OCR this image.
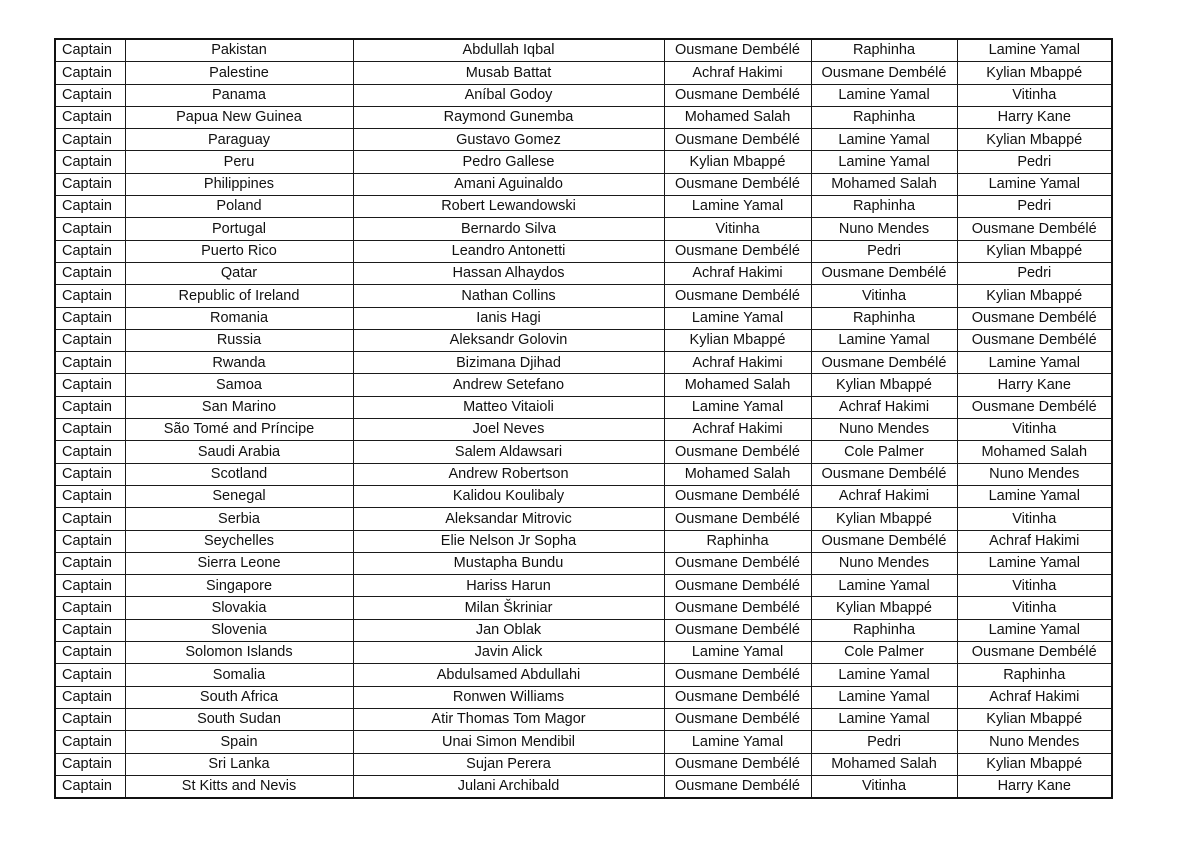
Captain	Pakistan	Abdullah Iqbal	Ousmane Dembélé	Raphinha	Lamine Yamal
Captain	Palestine	Musab Battat	Achraf Hakimi	Ousmane Dembélé	Kylian Mbappé
Captain	Panama	Aníbal Godoy	Ousmane Dembélé	Lamine Yamal	Vitinha
Captain	Papua New Guinea	Raymond Gunemba	Mohamed Salah	Raphinha	Harry Kane
Captain	Paraguay	Gustavo Gomez	Ousmane Dembélé	Lamine Yamal	Kylian Mbappé
Captain	Peru	Pedro Gallese	Kylian Mbappé	Lamine Yamal	Pedri
Captain	Philippines	Amani Aguinaldo	Ousmane Dembélé	Mohamed Salah	Lamine Yamal
Captain	Poland	Robert Lewandowski	Lamine Yamal	Raphinha	Pedri
Captain	Portugal	Bernardo Silva	Vitinha	Nuno Mendes	Ousmane Dembélé
Captain	Puerto Rico	Leandro Antonetti	Ousmane Dembélé	Pedri	Kylian Mbappé
Captain	Qatar	Hassan Alhaydos	Achraf Hakimi	Ousmane Dembélé	Pedri
Captain	Republic of Ireland	Nathan Collins	Ousmane Dembélé	Vitinha	Kylian Mbappé
Captain	Romania	Ianis Hagi	Lamine Yamal	Raphinha	Ousmane Dembélé
Captain	Russia	Aleksandr Golovin	Kylian Mbappé	Lamine Yamal	Ousmane Dembélé
Captain	Rwanda	Bizimana Djihad	Achraf Hakimi	Ousmane Dembélé	Lamine Yamal
Captain	Samoa	Andrew Setefano	Mohamed Salah	Kylian Mbappé	Harry Kane
Captain	San Marino	Matteo Vitaioli	Lamine Yamal	Achraf Hakimi	Ousmane Dembélé
Captain	São Tomé and Príncipe	Joel Neves	Achraf Hakimi	Nuno Mendes	Vitinha
Captain	Saudi Arabia	Salem Aldawsari	Ousmane Dembélé	Cole Palmer	Mohamed Salah
Captain	Scotland	Andrew Robertson	Mohamed Salah	Ousmane Dembélé	Nuno Mendes
Captain	Senegal	Kalidou Koulibaly	Ousmane Dembélé	Achraf Hakimi	Lamine Yamal
Captain	Serbia	Aleksandar Mitrovic	Ousmane Dembélé	Kylian Mbappé	Vitinha
Captain	Seychelles	Elie Nelson Jr Sopha	Raphinha	Ousmane Dembélé	Achraf Hakimi
Captain	Sierra Leone	Mustapha Bundu	Ousmane Dembélé	Nuno Mendes	Lamine Yamal
Captain	Singapore	Hariss Harun	Ousmane Dembélé	Lamine Yamal	Vitinha
Captain	Slovakia	Milan Škriniar	Ousmane Dembélé	Kylian Mbappé	Vitinha
Captain	Slovenia	Jan Oblak	Ousmane Dembélé	Raphinha	Lamine Yamal
Captain	Solomon Islands	Javin Alick	Lamine Yamal	Cole Palmer	Ousmane Dembélé
Captain	Somalia	Abdulsamed Abdullahi	Ousmane Dembélé	Lamine Yamal	Raphinha
Captain	South Africa	Ronwen Williams	Ousmane Dembélé	Lamine Yamal	Achraf Hakimi
Captain	South Sudan	Atir Thomas Tom Magor	Ousmane Dembélé	Lamine Yamal	Kylian Mbappé
Captain	Spain	Unai Simon Mendibil	Lamine Yamal	Pedri	Nuno Mendes
Captain	Sri Lanka	Sujan Perera	Ousmane Dembélé	Mohamed Salah	Kylian Mbappé
Captain	St Kitts and Nevis	Julani Archibald	Ousmane Dembélé	Vitinha	Harry Kane
